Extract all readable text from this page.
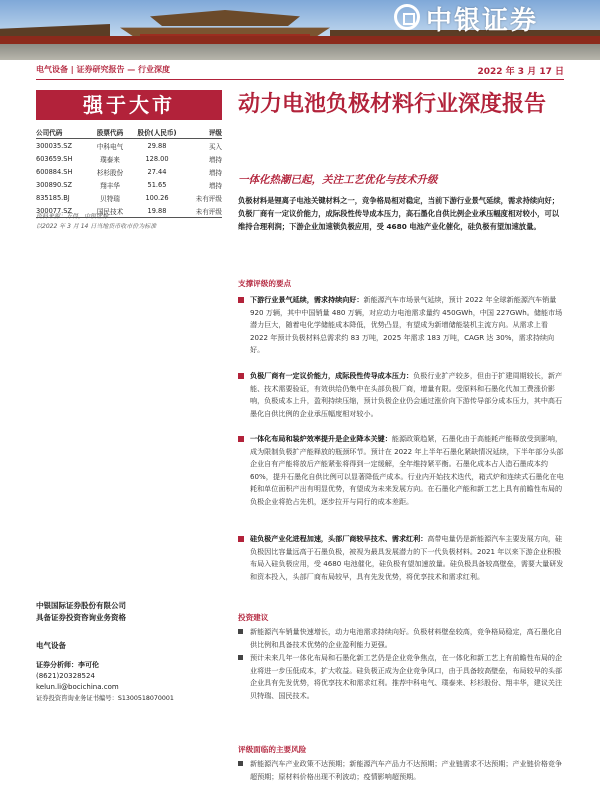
中银证券
电气设备 | 证券研究报告 — 行业深度	2022 年 3 月 17 日
强于大市
公司代码	股票代码	股价(人民币)	评级
300035.SZ	中科电气	29.88	买入
603659.SH	璞泰来	128.00	增持
600884.SH	杉杉股份	27.44	增持
300890.SZ	翔丰华	51.65	增持
835185.BJ	贝特瑞	100.26	未有评级
300077.SZ	国民技术	19.88	未有评级
资料来源：万得，中银证券
以2022 年 3 月 14 日当地货币收市价为标准
动力电池负极材料行业深度报告
一体化热潮已起，关注工艺优化与技术升级
负极材料是锂离子电池关键材料之一，竞争格局相对稳定，当前下游行业景气延续，需求持续向好；负极厂商有一定议价能力，成际段性传导成本压力，高石墨化自供比例企业承压幅度相对较小，可以维持合理利润；下游企业加速锁负极应用，受 4680 电池产业化催化，硅负极有望加速放量。
支撑评级的要点
下游行业景气延续，需求持续向好：新能源汽车市场景气延续，预计 2022 年全球新能源汽车销量 920 万辆，其中中国销量 480 万辆，对应动力电池需求量约 450GWh，中国 227GWh。储能市场潜力巨大，随着电化学储能成本降低，优势凸显，有望成为新增储能装机主流方向。从需求上看 2022 年预计负极材料总需求约 83 万吨，2025 年需求 183 万吨，CAGR 达 30%，需求持续向好。
负极厂商有一定议价能力，成际段性传导成本压力：负极行业扩产较多，但由于扩建周期较长，新产能、技术需要验证，有效供给仍集中在头部负极厂商，增量有限。受原料和石墨化代加工费涨价影响，负极成本上升，盈利持续压缩，预计负极企业仍会通过涨价向下游传导部分成本压力，其中高石墨化自供比例的企业承压幅度相对较小。
一体化布局和装炉效率提升是企业降本关键：能源政策趋紧，石墨化由于高能耗产能释放受到影响，成为限制负极扩产能释放的瓶颈环节。预计在 2022 年上半年石墨化紧缺情况延续，下半年部分头部企业自有产能将放后产能紧张将得到一定缓解，全年维持紧平衡。石墨化成本占人造石墨成本约 60%，提升石墨化自供比例可以显著降低产成本。行业内开始技术迭代，箱式炉和连续式石墨化在电耗和单位面积产出有明显优势，有望成为未来发展方向。在石墨化产能和新工艺上具有前瞻性布局的负极企业将抢占先机，逐步拉开与同行的成本差距。
硅负极产业化进程加速，头部厂商较早技术、需求红利：高带电量仍是新能源汽车主要发展方向，硅负极因比容量远高于石墨负极，被视为最具发展潜力的下一代负极材料。2021 年以来下游企业积极布局入硅负极应用，受 4680 电池催化，硅负极有望加速放量。硅负极具备较高壁垒，需要大量研发和资本投入，头部厂商布局较早，具有先发优势，将优享技术和需求红利。
投资建议
新能源汽车销量快速增长，动力电池需求持续向好。负极材料壁垒较高，竞争格局稳定，高石墨化自供比例和具备技术优势的企业盈利能力更强。
预计未来几年一体化布局和石墨化新工艺仍是企业竞争焦点，在一体化和新工艺上有前瞻性布局的企业将进一步压低成本，扩大收益。硅负极正成为企业竞争风口，由于具备较高壁垒，布局较早的头部企业具有先发优势，将优享技术和需求红利。推荐中科电气、璞泰来、杉杉股份、翔丰华，建议关注贝特瑞、国民技术。
评级面临的主要风险
新能源汽车产业政策不达预期；新能源汽车产品力不达预期；产业链需求不达预期；产业链价格竞争超预期；原材料价格出现不利波动；疫情影响超预期。
中银国际证券股份有限公司
具备证券投资咨询业务资格
电气设备
证券分析师：李可伦
(8621)20328524
kelun.li@bocichina.com
证券投资咨询业务证书编号：S1300518070001
